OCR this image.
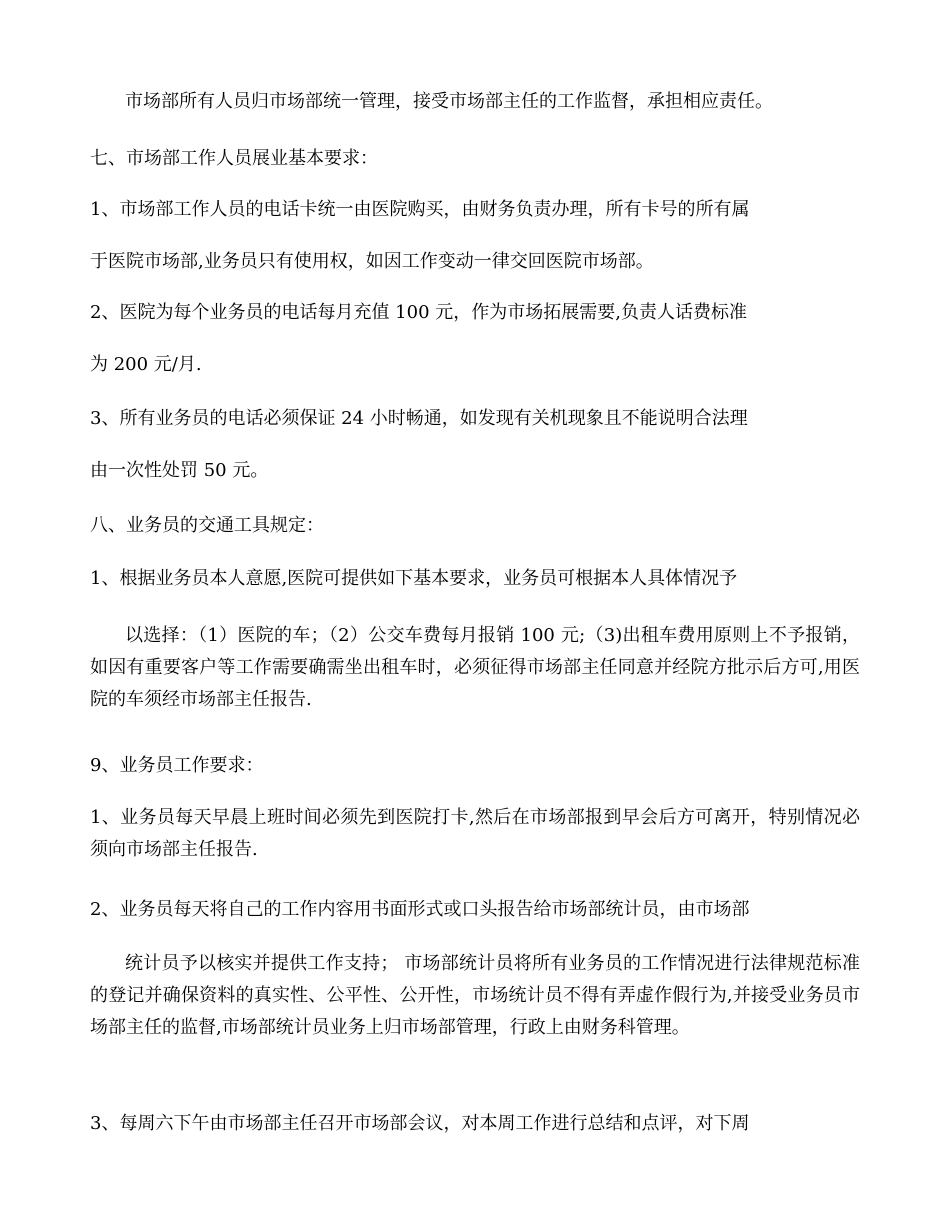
市场部所有人员归市场部统一管理，接受市场部主任的工作监督，承担相应责任。
七、市场部工作人员展业基本要求：
1、市场部工作人员的电话卡统一由医院购买，由财务负责办理，所有卡号的所有属
于医院市场部,业务员只有使用权，如因工作变动一律交回医院市场部。
2、医院为每个业务员的电话每月充值 100 元，作为市场拓展需要,负责人话费标准
为 200 元/月.
3、所有业务员的电话必须保证 24 小时畅通，如发现有关机现象且不能说明合法理
由一次性处罚 50 元。
八、业务员的交通工具规定：
1、根据业务员本人意愿,医院可提供如下基本要求，业务员可根据本人具体情况予
以选择：（1）医院的车；（2）公交车费每月报销 100 元;（3)出租车费用原则上不予报销，如因有重要客户等工作需要确需坐出租车时，必须征得市场部主任同意并经院方批示后方可,用医院的车须经市场部主任报告.
9、业务员工作要求：
1、业务员每天早晨上班时间必须先到医院打卡,然后在市场部报到早会后方可离开，特别情况必须向市场部主任报告.
2、业务员每天将自己的工作内容用书面形式或口头报告给市场部统计员，由市场部
统计员予以核实并提供工作支持； 市场部统计员将所有业务员的工作情况进行法律规范标准的登记并确保资料的真实性、公平性、公开性，市场统计员不得有弄虚作假行为,并接受业务员市场部主任的监督,市场部统计员业务上归市场部管理，行政上由财务科管理。
3、每周六下午由市场部主任召开市场部会议，对本周工作进行总结和点评，对下周
